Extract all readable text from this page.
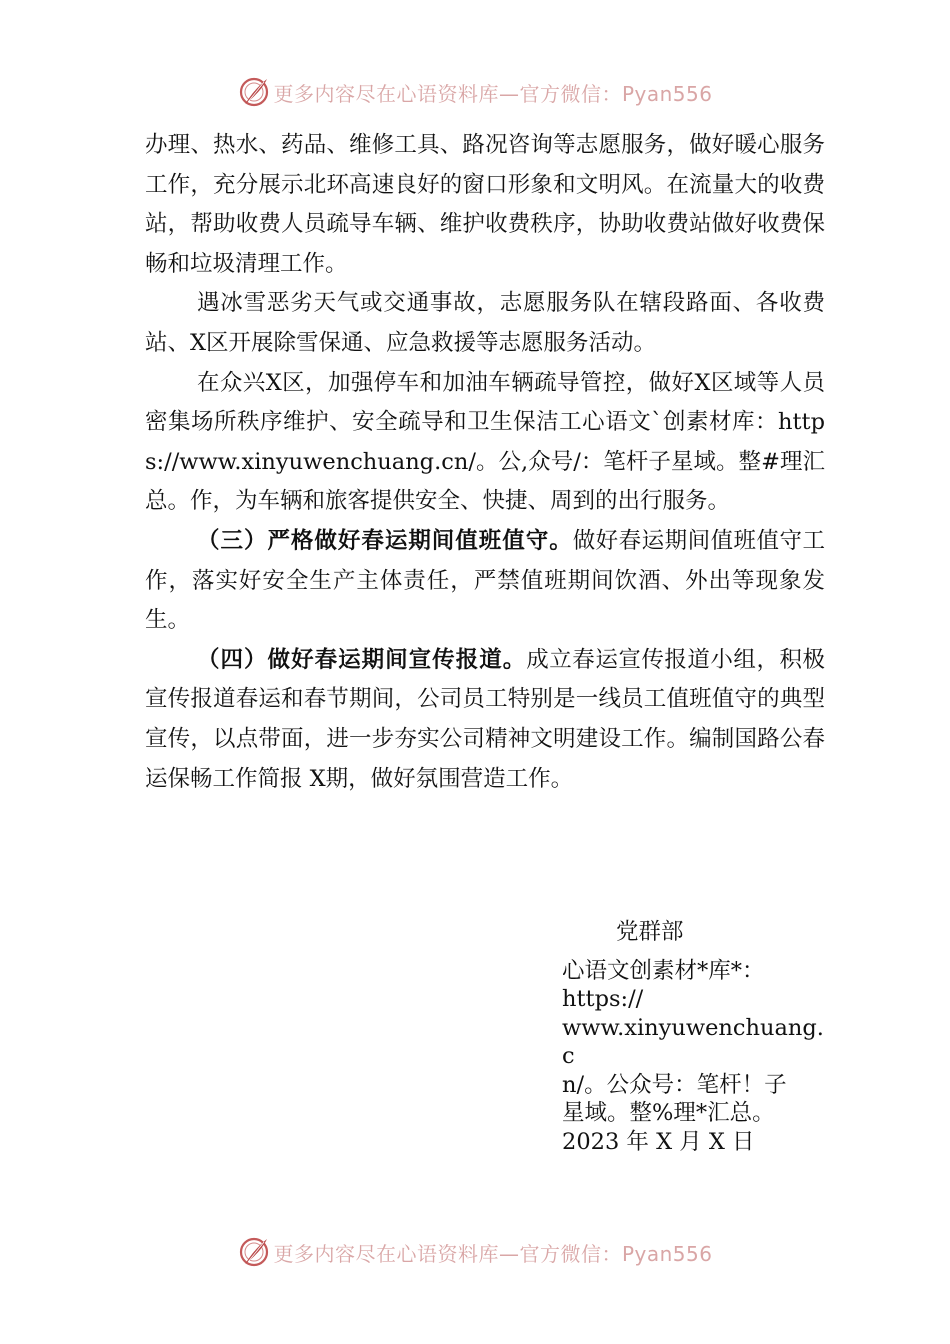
更多内容尽在心语资料库—官方微信：Pyan556

办理、热水、药品、维修工具、路况咨询等志愿服务，做好暖心服务工作，充分展示北环高速良好的窗口形象和文明风。在流量大的收费站，帮助收费人员疏导车辆、维护收费秩序，协助收费站做好收费保畅和垃圾清理工作。

遇冰雪恶劣天气或交通事故，志愿服务队在辖段路面、各收费站、X区开展除雪保通、应急救援等志愿服务活动。

在众兴X区，加强停车和加油车辆疏导管控，做好X区域等人员密集场所秩序维护、安全疏导和卫生保洁工心语文`创素材库：https://www.xinyuwenchuang.cn/。公,众号/：笔杆子星域。整#理汇总。作，为车辆和旅客提供安全、快捷、周到的出行服务。

（三）严格做好春运期间值班值守。做好春运期间值班值守工作，落实好安全生产主体责任，严禁值班期间饮酒、外出等现象发生。

（四）做好春运期间宣传报道。成立春运宣传报道小组，积极宣传报道春运和春节期间，公司员工特别是一线员工值班值守的典型宣传，以点带面，进一步夯实公司精神文明建设工作。编制国路公春运保畅工作简报 X期，做好氛围营造工作。

党群部
心语文创素材*库*：
https://
www.xinyuwenchuang.c
n/。公众号：笔杆！子
星域。整%理*汇总。
2023 年 X 月 X 日
更多内容尽在心语资料库—官方微信：Pyan556
